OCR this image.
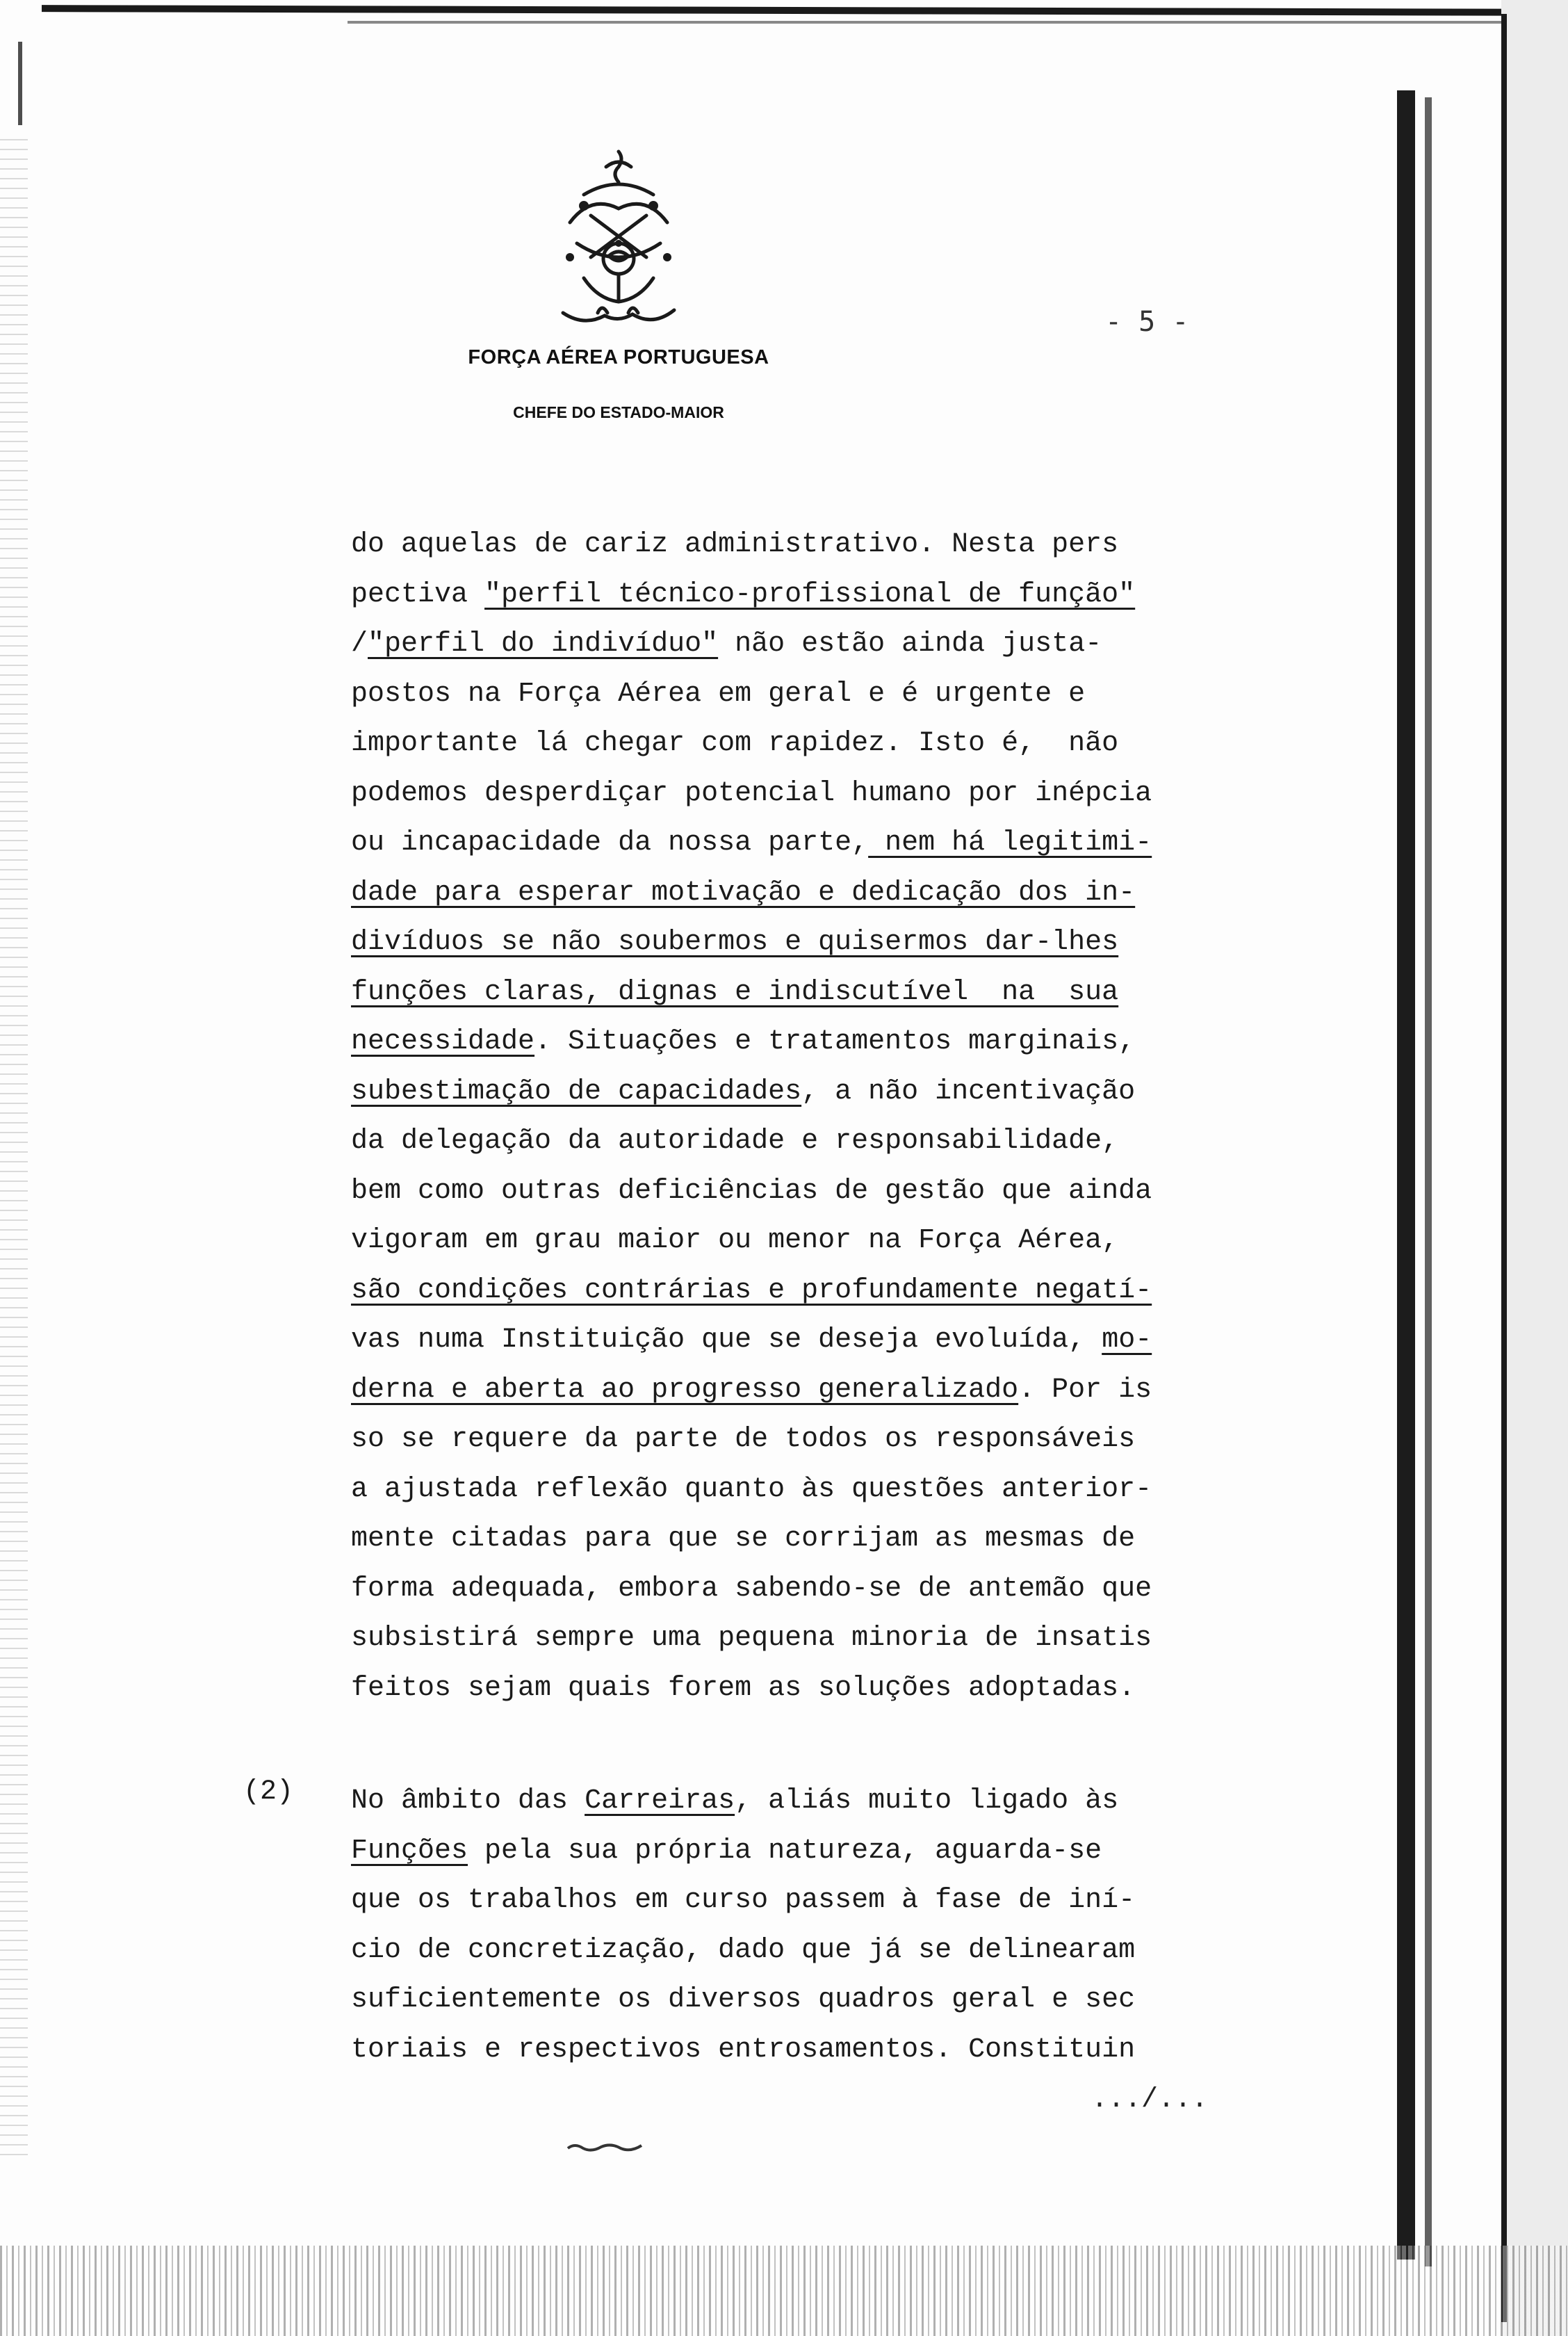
FORÇA AÉREA PORTUGUESA
CHEFE DO ESTADO-MAIOR
- 5 -
do aquelas de cariz administrativo. Nesta pers
pectiva "perfil técnico-profissional de função"
/"perfil do indivíduo" não estão ainda justa-
postos na Força Aérea em geral e é urgente e
importante lá chegar com rapidez. Isto é,  não
podemos desperdiçar potencial humano por inépcia
ou incapacidade da nossa parte, nem há legitimi-
dade para esperar motivação e dedicação dos in-
divíduos se não soubermos e quisermos dar-lhes
funções claras, dignas e indiscutível  na  sua
necessidade. Situações e tratamentos marginais,
subestimação de capacidades, a não incentivação
da delegação da autoridade e responsabilidade,
bem como outras deficiências de gestão que ainda
vigoram em grau maior ou menor na Força Aérea,
são condições contrárias e profundamente negatí-
vas numa Instituição que se deseja evoluída, mo-
derna e aberta ao progresso generalizado. Por is
so se requere da parte de todos os responsáveis
a ajustada reflexão quanto às questões anterior-
mente citadas para que se corrijam as mesmas de
forma adequada, embora sabendo-se de antemão que
subsistirá sempre uma pequena minoria de insatis
feitos sejam quais forem as soluções adoptadas.
(2) No âmbito das Carreiras, aliás muito ligado às
Funções pela sua própria natureza, aguarda-se
que os trabalhos em curso passem à fase de iní-
cio de concretização, dado que já se delinearam
suficientemente os diversos quadros geral e sec
toriais e respectivos entrosamentos. Constituin
.../...
